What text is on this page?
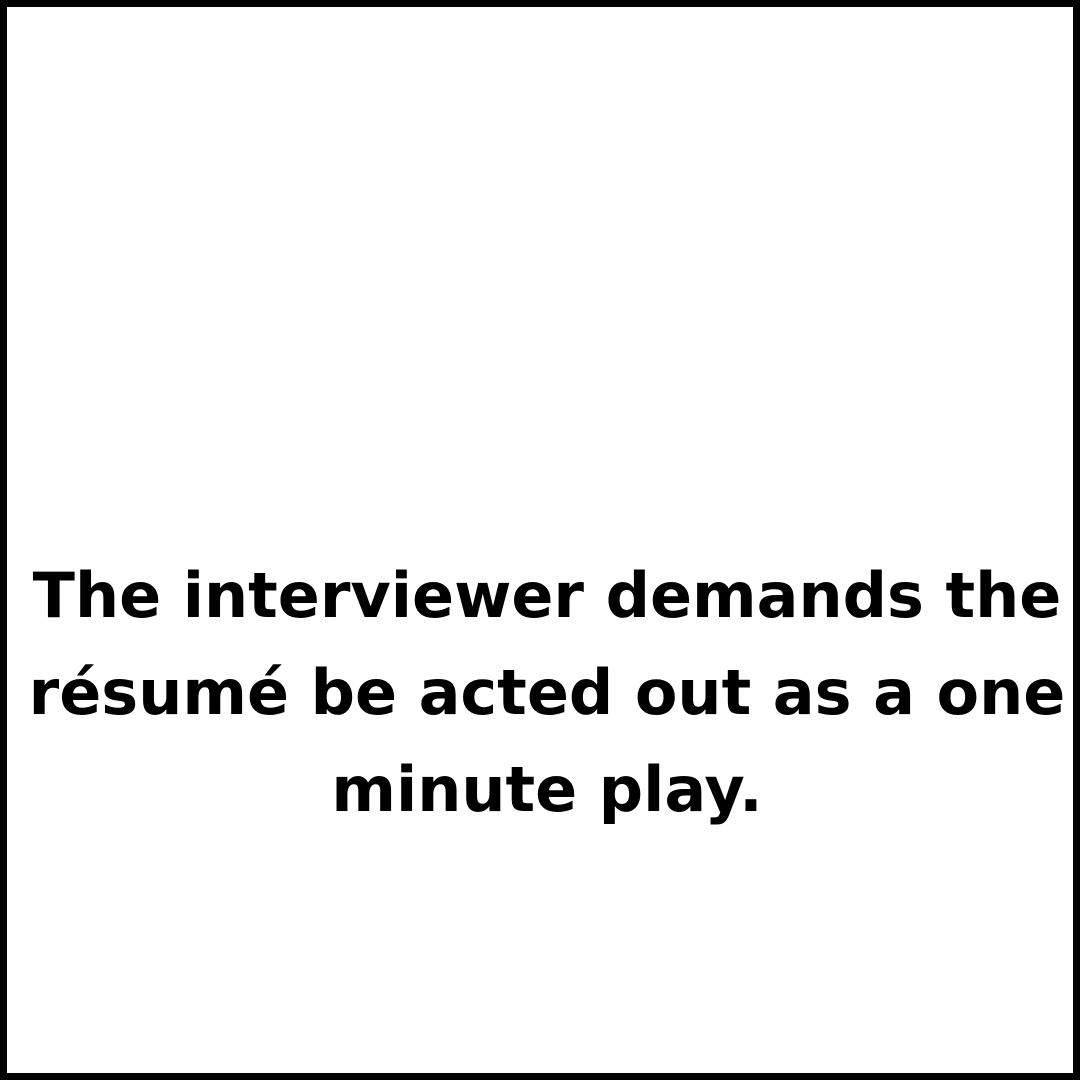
The interviewer demands the
résumé be acted out as a one
minute play.
